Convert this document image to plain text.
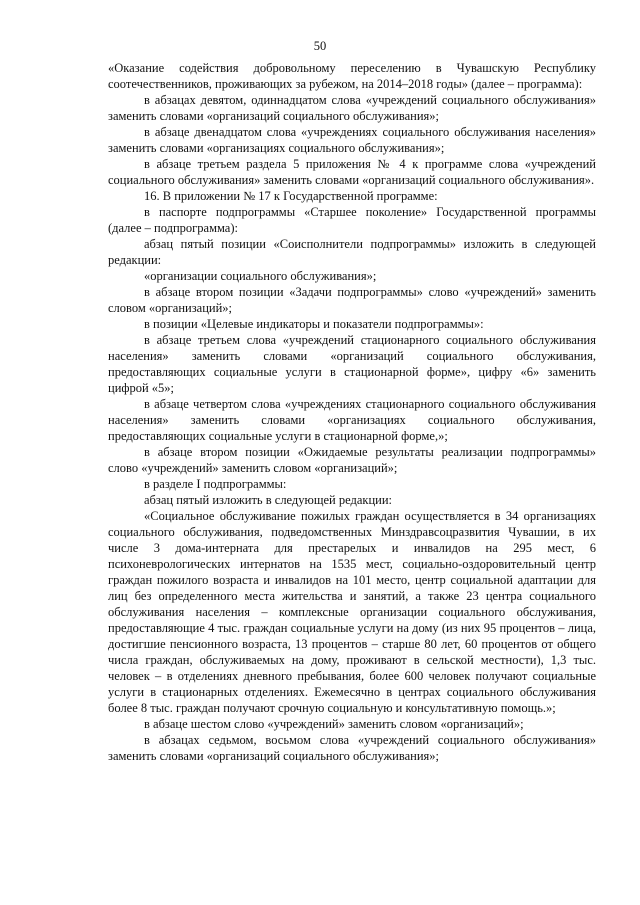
50

«Оказание содействия добровольному переселению в Чувашскую Республику соотечественников, проживающих за рубежом, на 2014–2018 годы» (далее – программа):

в абзацах девятом, одиннадцатом слова «учреждений социального обслуживания» заменить словами «организаций социального обслуживания»;

в абзаце двенадцатом слова «учреждениях социального обслуживания населения» заменить словами «организациях социального обслуживания»;

в абзаце третьем раздела 5 приложения № 4 к программе слова «учреждений социального обслуживания» заменить словами «организаций социального обслуживания».

16. В приложении № 17 к Государственной программе:

в паспорте подпрограммы «Старшее поколение» Государственной программы (далее – подпрограмма):

абзац пятый позиции «Соисполнители подпрограммы» изложить в следующей редакции:

«организации социального обслуживания»;

в абзаце втором позиции «Задачи подпрограммы» слово «учреждений» заменить словом «организаций»;

в позиции «Целевые индикаторы и показатели подпрограммы»:

в абзаце третьем слова «учреждений стационарного социального обслуживания населения» заменить словами «организаций социального обслуживания, предоставляющих социальные услуги в стационарной форме», цифру «6» заменить цифрой «5»;

в абзаце четвертом слова «учреждениях стационарного социального обслуживания населения» заменить словами «организациях социального обслуживания, предоставляющих социальные услуги в стационарной форме,»;

в абзаце втором позиции «Ожидаемые результаты реализации подпрограммы» слово «учреждений» заменить словом «организаций»;

в разделе I подпрограммы:

абзац пятый изложить в следующей редакции:

«Социальное обслуживание пожилых граждан осуществляется в 34 организациях социального обслуживания, подведомственных Минздравсоцразвития Чувашии, в их числе 3 дома-интерната для престарелых и инвалидов на 295 мест, 6 психоневрологических интернатов на 1535 мест, социально-оздоровительный центр граждан пожилого возраста и инвалидов на 101 место, центр социальной адаптации для лиц без определенного места жительства и занятий, а также 23 центра социального обслуживания населения – комплексные организации социального обслуживания, предоставляющие 4 тыс. граждан социальные услуги на дому (из них 95 процентов – лица, достигшие пенсионного возраста, 13 процентов – старше 80 лет, 60 процентов от общего числа граждан, обслуживаемых на дому, проживают в сельской местности), 1,3 тыс. человек – в отделениях дневного пребывания, более 600 человек получают социальные услуги в стационарных отделениях. Ежемесячно в центрах социального обслуживания более 8 тыс. граждан получают срочную социальную и консультативную помощь.»;

в абзаце шестом слово «учреждений» заменить словом «организаций»;

в абзацах седьмом, восьмом слова «учреждений социального обслуживания» заменить словами «организаций социального обслуживания»;
